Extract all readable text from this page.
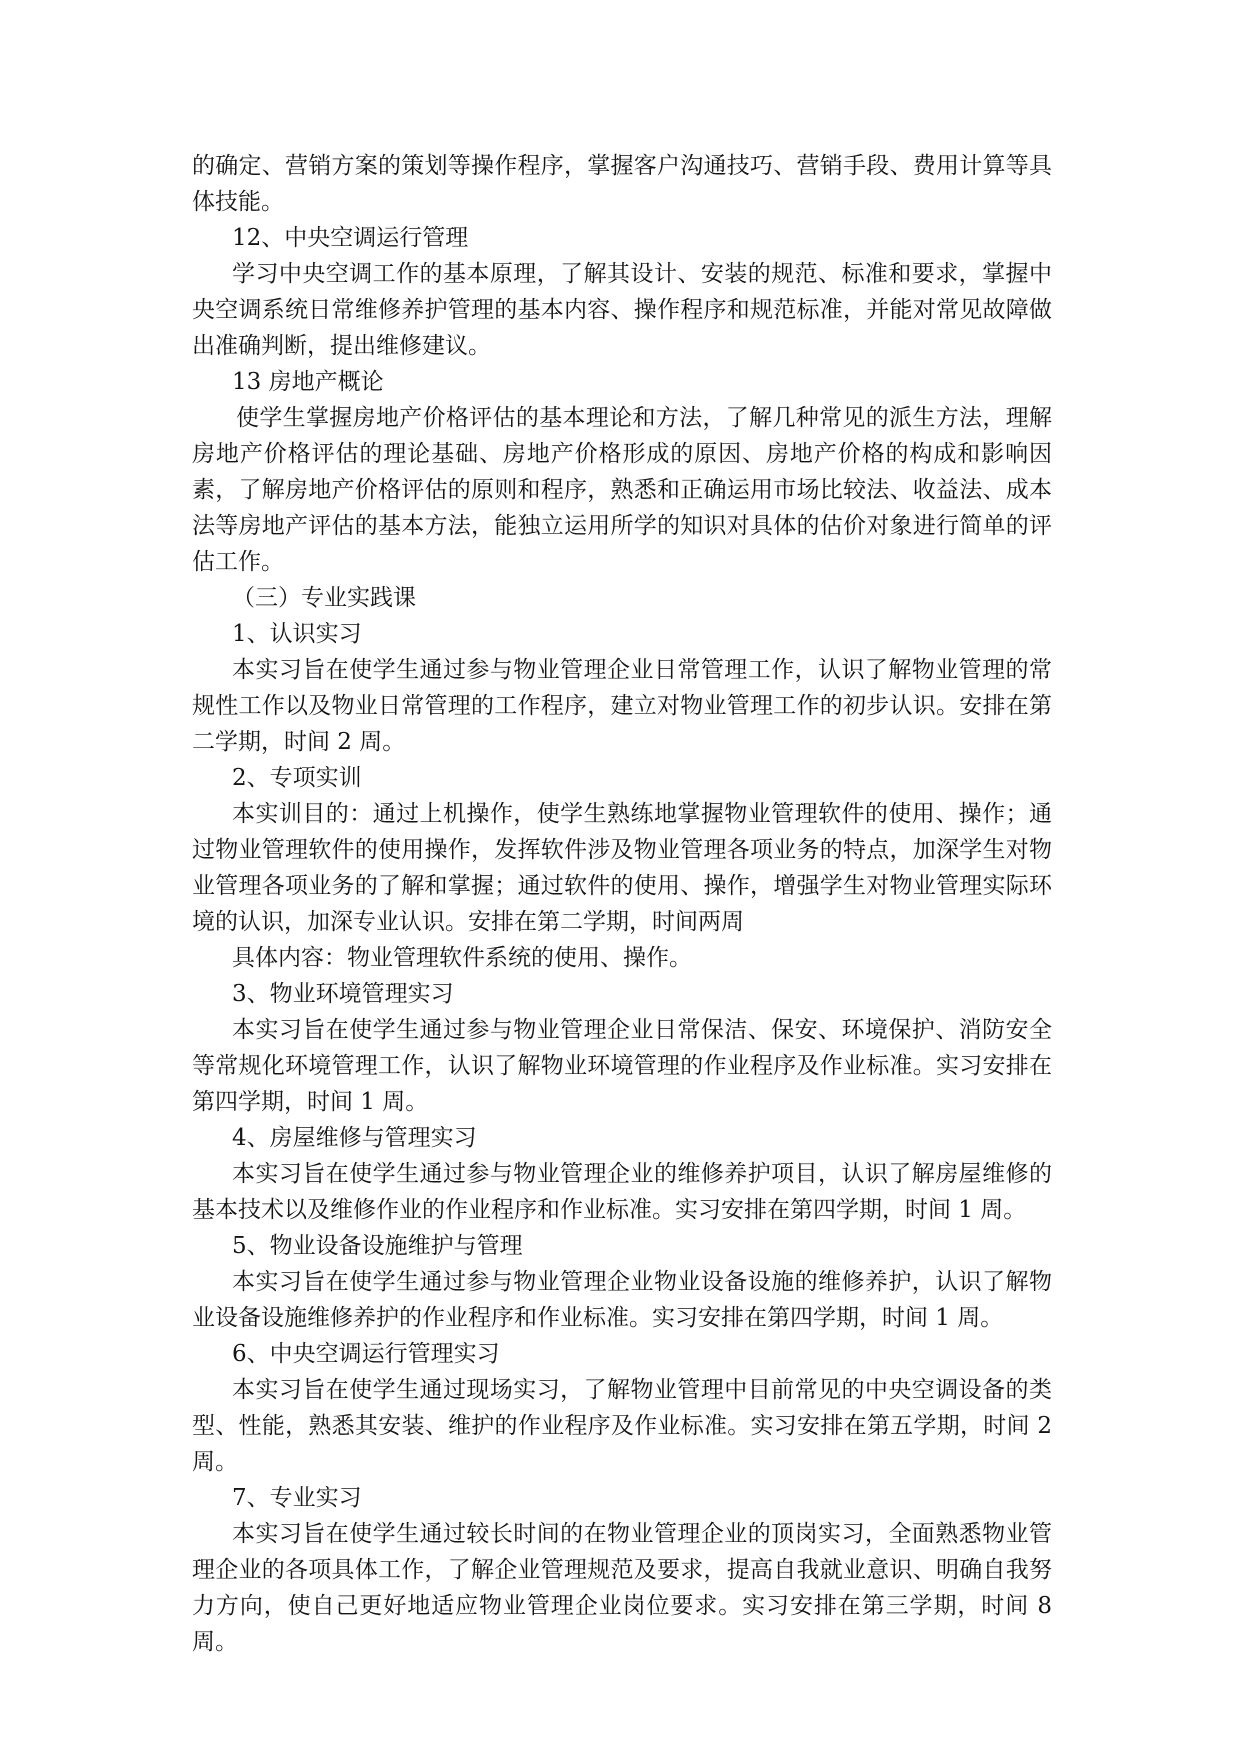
的确定、营销方案的策划等操作程序，掌握客户沟通技巧、营销手段、费用计算等具体技能。

12、中央空调运行管理

学习中央空调工作的基本原理，了解其设计、安装的规范、标准和要求，掌握中央空调系统日常维修养护管理的基本内容、操作程序和规范标准，并能对常见故障做出准确判断，提出维修建议。

13 房地产概论

使学生掌握房地产价格评估的基本理论和方法，了解几种常见的派生方法，理解房地产价格评估的理论基础、房地产价格形成的原因、房地产价格的构成和影响因素，了解房地产价格评估的原则和程序，熟悉和正确运用市场比较法、收益法、成本法等房地产评估的基本方法，能独立运用所学的知识对具体的估价对象进行简单的评估工作。

（三）专业实践课

1、认识实习

本实习旨在使学生通过参与物业管理企业日常管理工作，认识了解物业管理的常规性工作以及物业日常管理的工作程序，建立对物业管理工作的初步认识。安排在第二学期，时间 2 周。

2、专项实训

本实训目的：通过上机操作，使学生熟练地掌握物业管理软件的使用、操作；通过物业管理软件的使用操作，发挥软件涉及物业管理各项业务的特点，加深学生对物业管理各项业务的了解和掌握；通过软件的使用、操作，增强学生对物业管理实际环境的认识，加深专业认识。安排在第二学期，时间两周

具体内容：物业管理软件系统的使用、操作。

3、物业环境管理实习

本实习旨在使学生通过参与物业管理企业日常保洁、保安、环境保护、消防安全等常规化环境管理工作，认识了解物业环境管理的作业程序及作业标准。实习安排在第四学期，时间 1 周。

4、房屋维修与管理实习

本实习旨在使学生通过参与物业管理企业的维修养护项目，认识了解房屋维修的基本技术以及维修作业的作业程序和作业标准。实习安排在第四学期，时间 1 周。

5、物业设备设施维护与管理

本实习旨在使学生通过参与物业管理企业物业设备设施的维修养护，认识了解物业设备设施维修养护的作业程序和作业标准。实习安排在第四学期，时间 1 周。

6、中央空调运行管理实习

本实习旨在使学生通过现场实习，了解物业管理中目前常见的中央空调设备的类型、性能，熟悉其安装、维护的作业程序及作业标准。实习安排在第五学期，时间 2 周。

7、专业实习

本实习旨在使学生通过较长时间的在物业管理企业的顶岗实习，全面熟悉物业管理企业的各项具体工作，了解企业管理规范及要求，提高自我就业意识、明确自我努力方向，使自己更好地适应物业管理企业岗位要求。实习安排在第三学期，时间 8 周。
